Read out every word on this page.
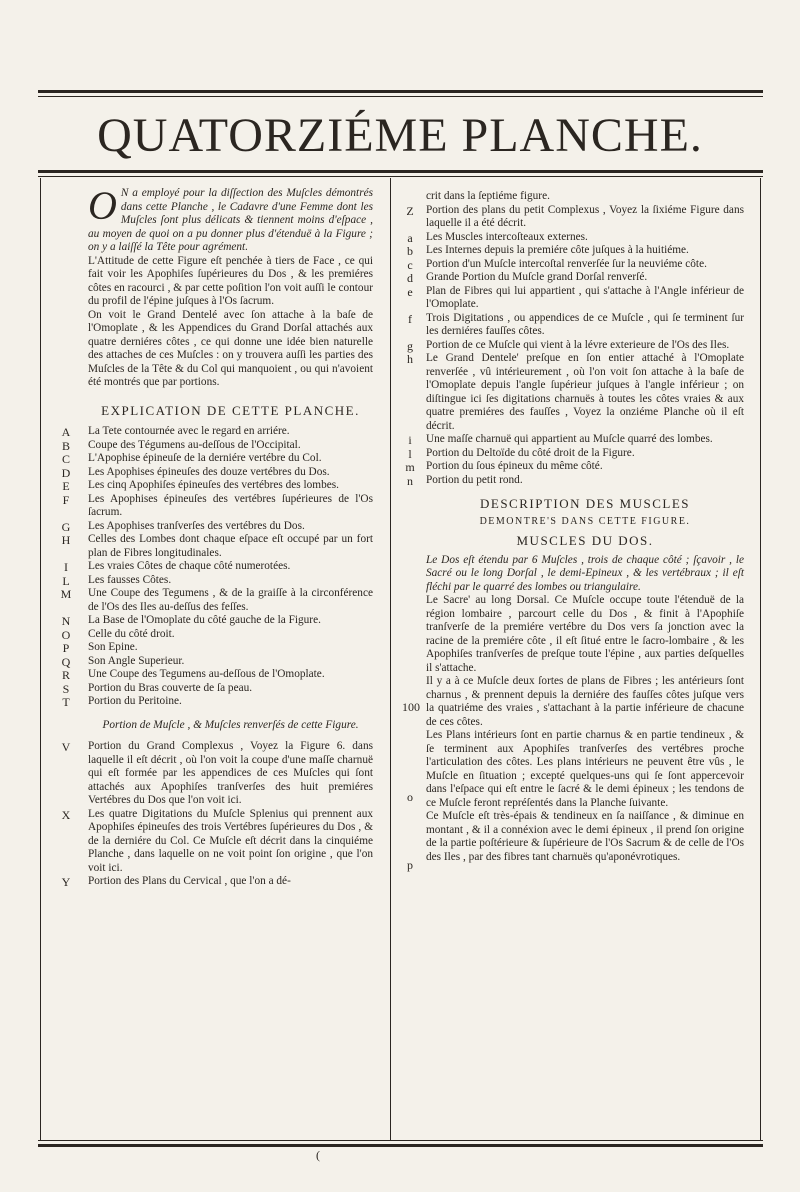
QUATORZIÉME PLANCHE.

O N a employé pour la diſſection des Muſcles démontrés dans cette Planche , le Cadavre d'une Femme dont les Muſcles ſont plus délicats & tiennent moins d'eſpace , au moyen de quoi on a pu donner plus d'étenduë à la Figure ; on y a laiſſé la Tête pour agrément.

L'Attitude de cette Figure eſt penchée à tiers de Face , ce qui fait voir les Apophiſes ſupérieures du Dos , & les premiéres côtes en racourci , & par cette poſition l'on voit auſſi le contour du profil de l'épine juſques à l'Os ſacrum.

On voit le Grand Dentelé avec ſon attache à la baſe de l'Omoplate , & les Appendices du Grand Dorſal attachés aux quatre derniéres côtes , ce qui donne une idée bien naturelle des attaches de ces Muſcles : on y trouvera auſſi les parties des Muſcles de la Tête & du Col qui manquoient , ou qui n'avoient été montrés que par portions.

EXPLICATION DE CETTE PLANCHE.

La Tete contournée avec le regard en arriére.

Coupe des Tégumens au-deſſous de l'Occipital.

L'Apophise épineuſe de la derniére vertébre du Col.

Les Apophises épineuſes des douze vertébres du Dos.

Les cinq Apophiſes épineuſes des vertébres des lombes.

Les Apophises épineuſes des vertébres ſupérieures de l'Os ſacrum.

Les Apophises tranſverſes des vertébres du Dos.

Celles des Lombes dont chaque eſpace eſt occupé par un fort plan de Fibres longitudinales.

Les vraies Côtes de chaque côté numerotées.

Les fausses Côtes.

Une Coupe des Tegumens , & de la graiſſe à la circonférence de l'Os des Iles au-deſſus des feſſes.

La Base de l'Omoplate du côté gauche de la Figure.

Celle du côté droit.

Son Epine.

Son Angle Superieur.

Une Coupe des Tegumens au-deſſous de l'Omoplate.

Portion du Bras couverte de ſa peau.

Portion du Peritoine.

Portion de Muſcle , & Muſcles renverſés de cette Figure.

Portion du Grand Complexus , Voyez la Figure 6. dans laquelle il eſt décrit , où l'on voit la coupe d'une maſſe charnuë qui eſt formée par les appendices de ces Muſcles qui ſont attachés aux Apophiſes tranſverſes des huit premiéres Vertébres du Dos que l'on voit ici.

Les quatre Digitations du Muſcle Splenius qui prennent aux Apophiſes épineuſes des trois Vertébres ſupérieures du Dos , & de la derniére du Col. Ce Muſcle eſt décrit dans la cinquiéme Planche , dans laquelle on ne voit point ſon origine , que l'on voit ici.

Portion des Plans du Cervical , que l'on a dé-

crit dans la ſeptiéme figure.

Portion des plans du petit Complexus , Voyez la ſixiéme Figure dans laquelle il a été décrit.

Les Muscles intercoſteaux externes.

Les Internes depuis la premiére côte juſques à la huitiéme.

Portion d'un Muſcle intercoſtal renverſée ſur la neuviéme côte.

Grande Portion du Muſcle grand Dorſal renverſé.

Plan de Fibres qui lui appartient , qui s'attache à l'Angle inférieur de l'Omoplate.

Trois Digitations , ou appendices de ce Muſcle , qui ſe terminent ſur les derniéres fauſſes côtes.

Portion de ce Muſcle qui vient à la lévre exterieure de l'Os des Iles.

Le Grand Dentele' preſque en ſon entier attaché à l'Omoplate renverſée , vû intérieurement , où l'on voit ſon attache à la baſe de l'Omoplate depuis l'angle ſupérieur juſques à l'angle inférieur ; on diſtingue ici ſes digitations charnuës à toutes les côtes vraies & aux quatre premiéres des fauſſes , Voyez la onziéme Planche où il eſt décrit.

Une maſſe charnuë qui appartient au Muſcle quarré des lombes.

Portion du Deltoïde du côté droit de la Figure.

Portion du ſous épineux du même côté.

Portion du petit rond.

DESCRIPTION DES MUSCLES
DEMONTRE'S DANS CETTE FIGURE.
MUSCLES DU DOS.

Le Dos eſt étendu par 6 Muſcles , trois de chaque côté ; ſçavoir , le Sacré ou le long Dorſal , le demi-Epineux , & les vertébraux ; il eſt fléchi par le quarré des lombes ou triangulaire.

Le Sacre' au long Dorsal. Ce Muſcle occupe toute l'étenduë de la région lombaire , parcourt celle du Dos , & finit à l'Apophiſe tranſverſe de la premiére vertébre du Dos vers ſa jonction avec la racine de la premiére côte , il eſt ſitué entre le ſacro-lombaire , & les Apophiſes tranſverſes de preſque toute l'épine , aux parties deſquelles il s'attache.

Il y a à ce Muſcle deux ſortes de plans de Fibres ; les antérieurs ſont charnus , & prennent depuis la derniére des fauſſes côtes juſque vers la quatriéme des vraies , s'attachant à la partie inférieure de chacune de ces côtes.

Les Plans intérieurs ſont en partie charnus & en partie tendineux , & ſe terminent aux Apophiſes tranſverſes des vertébres proche l'articulation des côtes. Les plans intérieurs ne peuvent être vûs , le Muſcle en ſituation ; excepté quelques-uns qui ſe ſont appercevoir dans l'eſpace qui eſt entre le ſacré & le demi épineux ; les tendons de ce Muſcle feront repréſentés dans la Planche ſuivante.

Ce Muſcle eſt très-épais & tendineux en ſa naiſſance , & diminue en montant , & il a connéxion avec le demi épineux , il prend ſon origine de la partie poſtérieure & ſupérieure de l'Os Sacrum & de celle de l'Os des Iles , par des fibres tant charnuës qu'aponévrotiques.

100
o
p
(
A
B
C
D
E
F
G
H
I
L
M
N
O
P
Q
R
S
T
V
X
Y
Z
a
b
c
d
e
f
g
h
i
l
m
n
